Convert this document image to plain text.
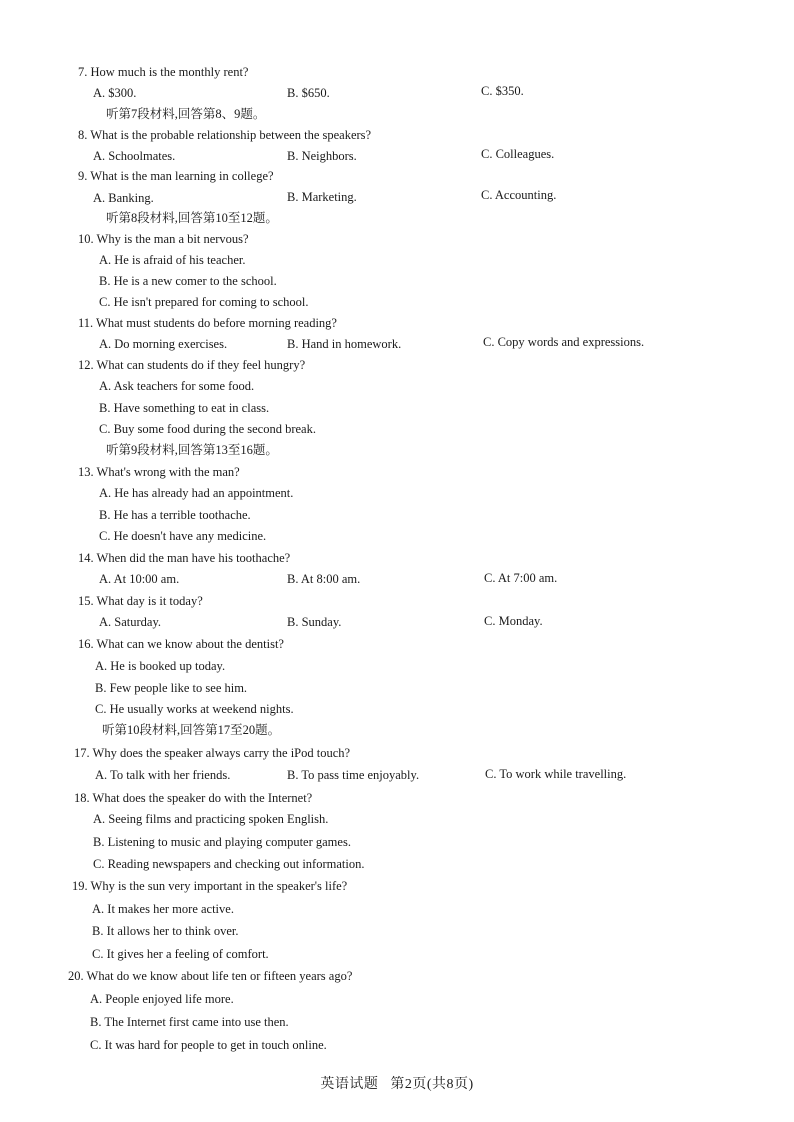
7. How much is the monthly rent?
A. $300.	B. $650.	C. $350.
听第7段材料,回答第8、9题。
8. What is the probable relationship between the speakers?
A. Schoolmates.	B. Neighbors.	C. Colleagues.
9. What is the man learning in college?
A. Banking.	B. Marketing.	C. Accounting.
听第8段材料,回答第10至12题。
10. Why is the man a bit nervous?
A. He is afraid of his teacher.
B. He is a new comer to the school.
C. He isn't prepared for coming to school.
11. What must students do before morning reading?
A. Do morning exercises.	B. Hand in homework.	C. Copy words and expressions.
12. What can students do if they feel hungry?
A. Ask teachers for some food.
B. Have something to eat in class.
C. Buy some food during the second break.
听第9段材料,回答第13至16题。
13. What's wrong with the man?
A. He has already had an appointment.
B. He has a terrible toothache.
C. He doesn't have any medicine.
14. When did the man have his toothache?
A. At 10:00 am.	B. At 8:00 am.	C. At 7:00 am.
15. What day is it today?
A. Saturday.	B. Sunday.	C. Monday.
16. What can we know about the dentist?
A. He is booked up today.
B. Few people like to see him.
C. He usually works at weekend nights.
听第10段材料,回答第17至20题。
17. Why does the speaker always carry the iPod touch?
A. To talk with her friends.	B. To pass time enjoyably.	C. To work while travelling.
18. What does the speaker do with the Internet?
A. Seeing films and practicing spoken English.
B. Listening to music and playing computer games.
C. Reading newspapers and checking out information.
19. Why is the sun very important in the speaker's life?
A. It makes her more active.
B. It allows her to think over.
C. It gives her a feeling of comfort.
20. What do we know about life ten or fifteen years ago?
A. People enjoyed life more.
B. The Internet first came into use then.
C. It was hard for people to get in touch online.
英语试题 第2页(共8页)
